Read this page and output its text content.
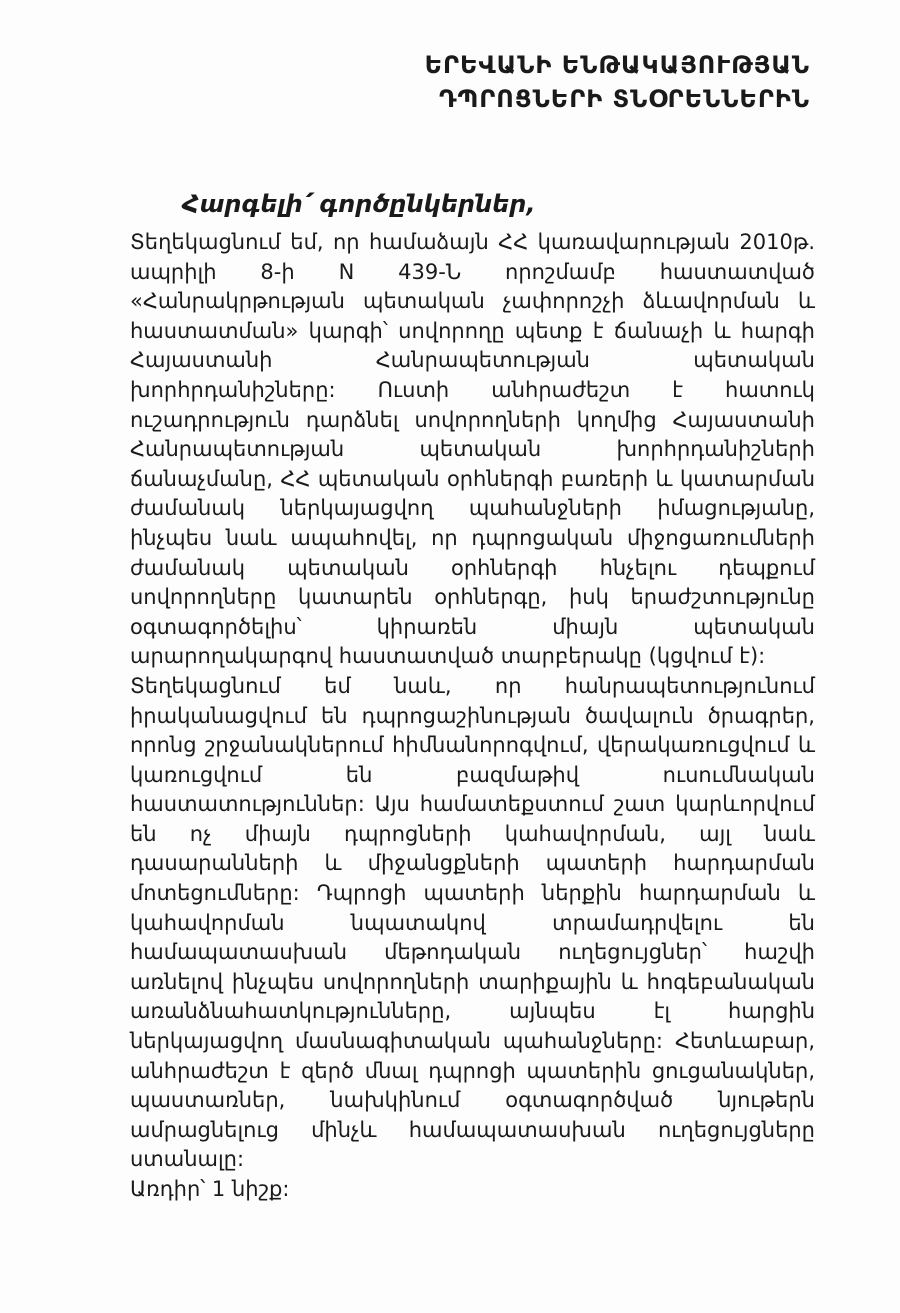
ԵՐԵՎԱՆԻ ԵՆԹԱԿԱՅՈՒԹՅԱՆ
ԴՊՐՈՑՆԵՐԻ ՏՆՕՐԵՆՆԵՐԻՆ
Հարգելի՛ գործընկերներ,

Տեղեկացնում եմ, որ համաձայն ՀՀ կառավարության 2010թ. ապրիլի 8-ի N 439-Ն որոշմամբ հաստատված «Հանրակրթության պետական չափորոշչի ձևավորման և հաստատման» կարգի՝ սովորողը պետք է ճանաչի և հարգի Հայաստանի Հանրապետության պետական խորհրդանիշները: Ուստի անհրաժեշտ է հատուկ ուշադրություն դարձնել սովորողների կողմից Հայաստանի Հանրապետության պետական խորհրդանիշների ճանաչմանը, ՀՀ պետական օրհներգի բառերի և կատարման ժամանակ ներկայացվող պահանջների իմացությանը, ինչպես նաև ապահովել, որ դպրոցական միջոցառումների ժամանակ պետական օրհներգի հնչելու դեպքում սովորողները կատարեն օրհներգը, իսկ երաժշտությունը օգտագործելիս՝ կիրառեն միայն պետական արարողակարգով հաստատված տարբերակը (կցվում է):

Տեղեկացնում եմ նաև, որ հանրապետությունում իրականացվում են դպրոցաշինության ծավալուն ծրագրեր, որոնց շրջանակներում հիմնանորոգվում, վերակառուցվում և կառուցվում են բազմաթիվ ուսումնական հաստատություններ: Այս համատեքստում շատ կարևորվում են ոչ միայն դպրոցների կահավորման, այլ նաև դասարանների և միջանցքների պատերի հարդարման մոտեցումները: Դպրոցի պատերի ներքին հարդարման և կահավորման նպատակով տրամադրվելու են համապատասխան մեթոդական ուղեցույցներ՝ հաշվի առնելով ինչպես սովորողների տարիքային և հոգեբանական առանձնահատկությունները, այնպես էլ հարցին ներկայացվող մասնագիտական պահանջները: Հետևաբար, անհրաժեշտ է զերծ մնալ դպրոցի պատերին ցուցանակներ, պաստառներ, նախկինում օգտագործված նյութերն ամրացնելուց մինչև համապատասխան ուղեցույցները ստանալը:

Առդիր՝ 1 նիշք:
